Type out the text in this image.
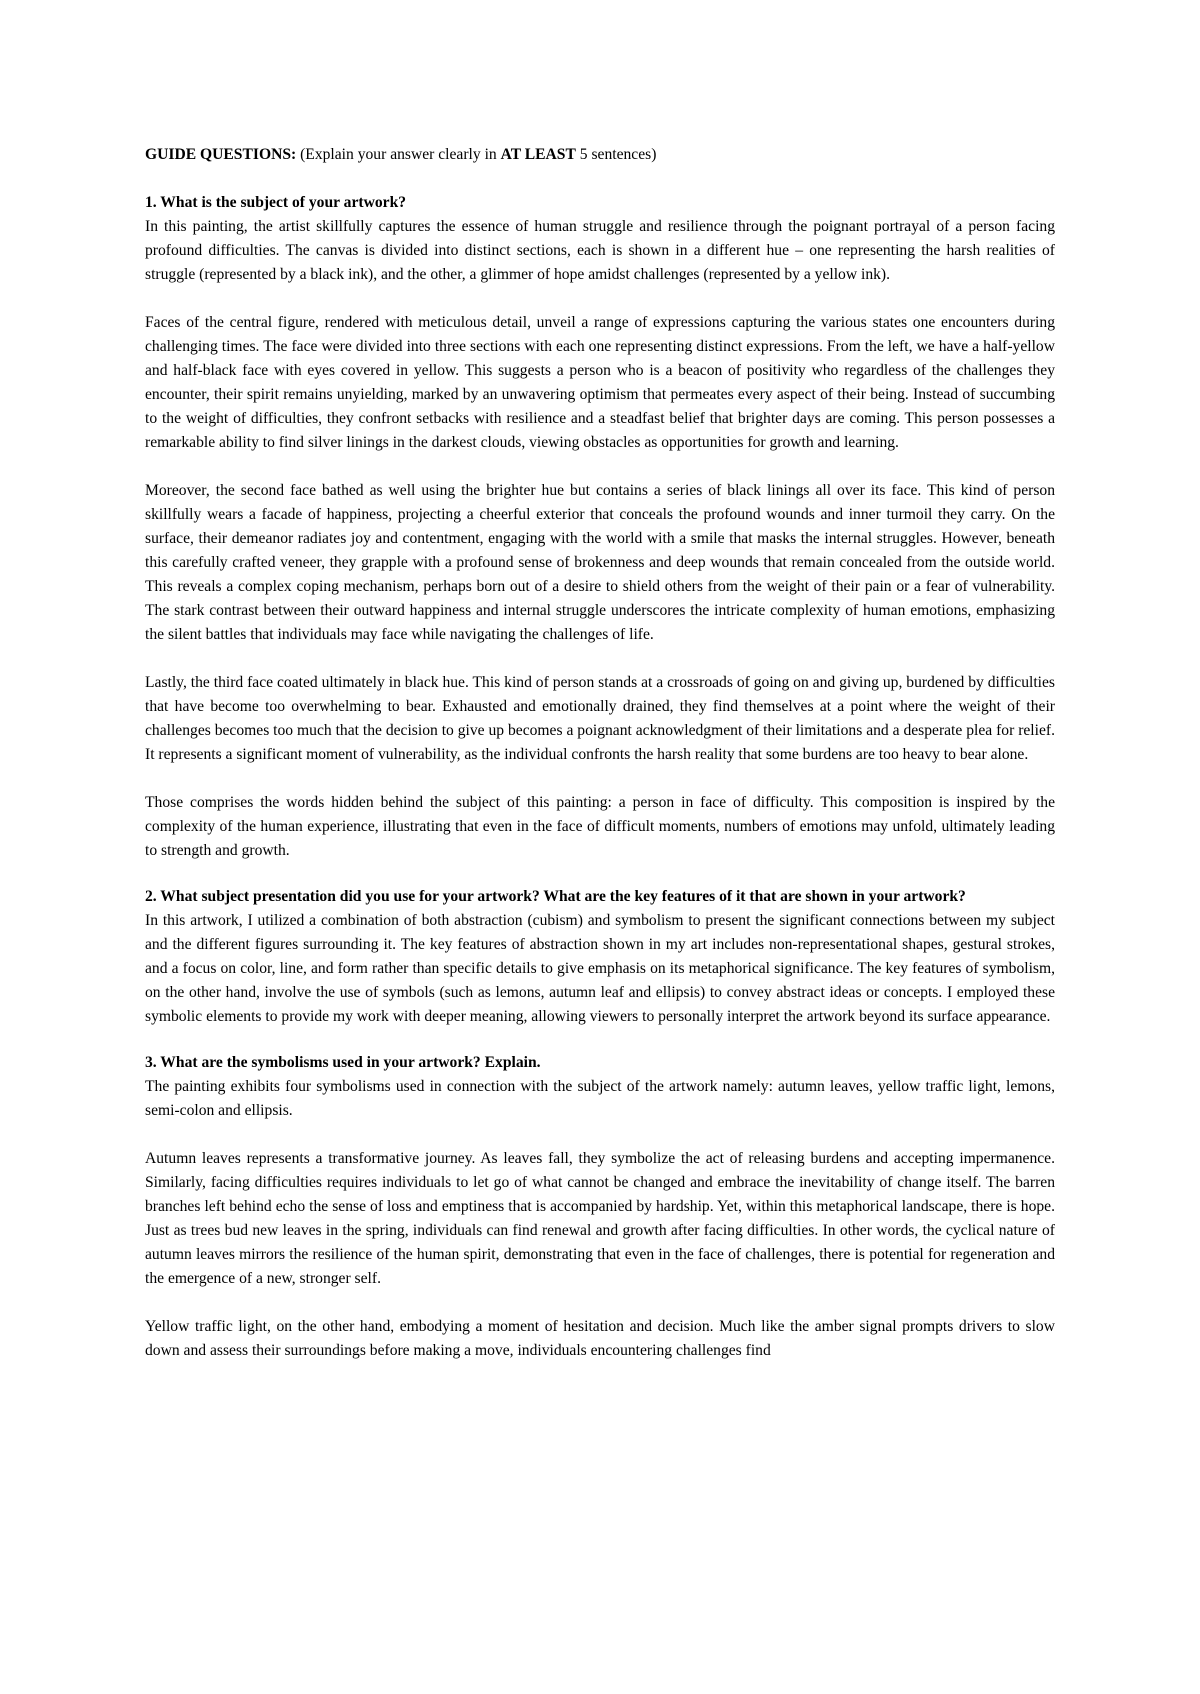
GUIDE QUESTIONS: (Explain your answer clearly in AT LEAST 5 sentences)

1. What is the subject of your artwork?

In this painting, the artist skillfully captures the essence of human struggle and resilience through the poignant portrayal of a person facing profound difficulties. The canvas is divided into distinct sections, each is shown in a different hue – one representing the harsh realities of struggle (represented by a black ink), and the other, a glimmer of hope amidst challenges (represented by a yellow ink).

Faces of the central figure, rendered with meticulous detail, unveil a range of expressions capturing the various states one encounters during challenging times. The face were divided into three sections with each one representing distinct expressions. From the left, we have a half-yellow and half-black face with eyes covered in yellow. This suggests a person who is a beacon of positivity who regardless of the challenges they encounter, their spirit remains unyielding, marked by an unwavering optimism that permeates every aspect of their being. Instead of succumbing to the weight of difficulties, they confront setbacks with resilience and a steadfast belief that brighter days are coming. This person possesses a remarkable ability to find silver linings in the darkest clouds, viewing obstacles as opportunities for growth and learning.

Moreover, the second face bathed as well using the brighter hue but contains a series of black linings all over its face. This kind of person skillfully wears a facade of happiness, projecting a cheerful exterior that conceals the profound wounds and inner turmoil they carry. On the surface, their demeanor radiates joy and contentment, engaging with the world with a smile that masks the internal struggles. However, beneath this carefully crafted veneer, they grapple with a profound sense of brokenness and deep wounds that remain concealed from the outside world. This reveals a complex coping mechanism, perhaps born out of a desire to shield others from the weight of their pain or a fear of vulnerability. The stark contrast between their outward happiness and internal struggle underscores the intricate complexity of human emotions, emphasizing the silent battles that individuals may face while navigating the challenges of life.

Lastly, the third face coated ultimately in black hue. This kind of person stands at a crossroads of going on and giving up, burdened by difficulties that have become too overwhelming to bear. Exhausted and emotionally drained, they find themselves at a point where the weight of their challenges becomes too much that the decision to give up becomes a poignant acknowledgment of their limitations and a desperate plea for relief. It represents a significant moment of vulnerability, as the individual confronts the harsh reality that some burdens are too heavy to bear alone.

Those comprises the words hidden behind the subject of this painting: a person in face of difficulty. This composition is inspired by the complexity of the human experience, illustrating that even in the face of difficult moments, numbers of emotions may unfold, ultimately leading to strength and growth.

2. What subject presentation did you use for your artwork? What are the key features of it that are shown in your artwork?

In this artwork, I utilized a combination of both abstraction (cubism) and symbolism to present the significant connections between my subject and the different figures surrounding it. The key features of abstraction shown in my art includes non-representational shapes, gestural strokes, and a focus on color, line, and form rather than specific details to give emphasis on its metaphorical significance. The key features of symbolism, on the other hand, involve the use of symbols (such as lemons, autumn leaf and ellipsis) to convey abstract ideas or concepts. I employed these symbolic elements to provide my work with deeper meaning, allowing viewers to personally interpret the artwork beyond its surface appearance.

3. What are the symbolisms used in your artwork? Explain.

The painting exhibits four symbolisms used in connection with the subject of the artwork namely: autumn leaves, yellow traffic light, lemons, semi-colon and ellipsis.

Autumn leaves represents a transformative journey. As leaves fall, they symbolize the act of releasing burdens and accepting impermanence. Similarly, facing difficulties requires individuals to let go of what cannot be changed and embrace the inevitability of change itself. The barren branches left behind echo the sense of loss and emptiness that is accompanied by hardship. Yet, within this metaphorical landscape, there is hope. Just as trees bud new leaves in the spring, individuals can find renewal and growth after facing difficulties. In other words, the cyclical nature of autumn leaves mirrors the resilience of the human spirit, demonstrating that even in the face of challenges, there is potential for regeneration and the emergence of a new, stronger self.

Yellow traffic light, on the other hand, embodying a moment of hesitation and decision. Much like the amber signal prompts drivers to slow down and assess their surroundings before making a move, individuals encountering challenges find
